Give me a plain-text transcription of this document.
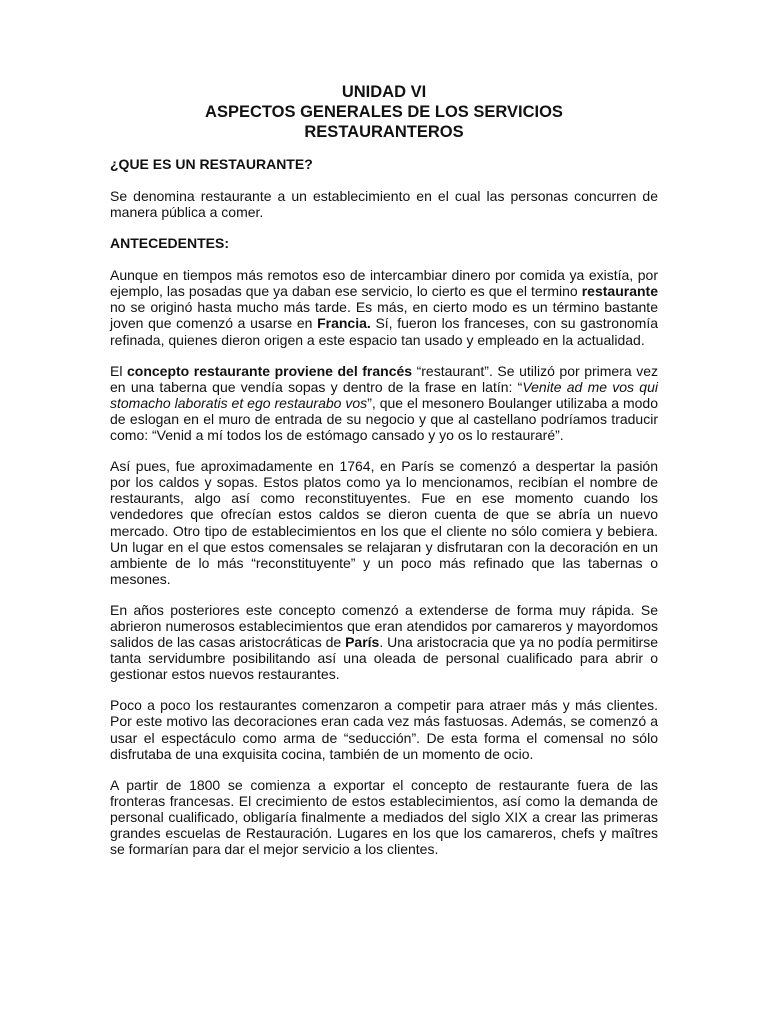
UNIDAD VI
ASPECTOS GENERALES DE LOS SERVICIOS
RESTAURANTEROS
¿QUE ES UN RESTAURANTE?

Se denomina restaurante a un establecimiento en el cual las personas concurren de manera pública a comer.

ANTECEDENTES:

Aunque en tiempos más remotos eso de intercambiar dinero por comida ya existía, por ejemplo, las posadas que ya daban ese servicio, lo cierto es que el termino restaurante no se originó hasta mucho más tarde. Es más, en cierto modo es un término bastante joven que comenzó a usarse en Francia. Sí, fueron los franceses, con su gastronomía refinada, quienes dieron origen a este espacio tan usado y empleado en la actualidad.

El concepto restaurante proviene del francés “restaurant”. Se utilizó por primera vez en una taberna que vendía sopas y dentro de la frase en latín: “Venite ad me vos qui stomacho laboratis et ego restaurabo vos”, que el mesonero Boulanger utilizaba a modo de eslogan en el muro de entrada de su negocio y que al castellano podríamos traducir como: “Venid a mí todos los de estómago cansado y yo os lo restauraré”.

Así pues, fue aproximadamente en 1764, en París se comenzó a despertar la pasión por los caldos y sopas. Estos platos como ya lo mencionamos, recibían el nombre de restaurants, algo así como reconstituyentes. Fue en ese momento cuando los vendedores que ofrecían estos caldos se dieron cuenta de que se abría un nuevo mercado. Otro tipo de establecimientos en los que el cliente no sólo comiera y bebiera. Un lugar en el que estos comensales se relajaran y disfrutaran con la decoración en un ambiente de lo más “reconstituyente” y un poco más refinado que las tabernas o mesones.

En años posteriores este concepto comenzó a extenderse de forma muy rápida. Se abrieron numerosos establecimientos que eran atendidos por camareros y mayordomos salidos de las casas aristocráticas de París. Una aristocracia que ya no podía permitirse tanta servidumbre posibilitando así una oleada de personal cualificado para abrir o gestionar estos nuevos restaurantes.

Poco a poco los restaurantes comenzaron a competir para atraer más y más clientes. Por este motivo las decoraciones eran cada vez más fastuosas. Además, se comenzó a usar el espectáculo como arma de “seducción”. De esta forma el comensal no sólo disfrutaba de una exquisita cocina, también de un momento de ocio.

A partir de 1800 se comienza a exportar el concepto de restaurante fuera de las fronteras francesas. El crecimiento de estos establecimientos, así como la demanda de personal cualificado, obligaría finalmente a mediados del siglo XIX a crear las primeras grandes escuelas de Restauración. Lugares en los que los camareros, chefs y maîtres se formarían para dar el mejor servicio a los clientes.
